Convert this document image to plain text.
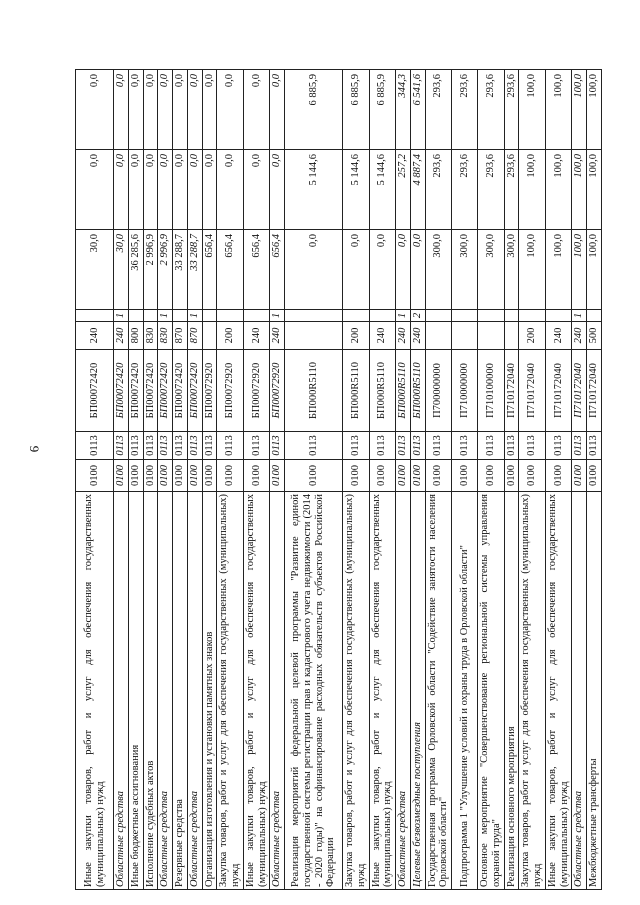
9
Иные закупки товаров, работ и услуг для обеспечения государственных (муниципальных) нужд	0100	0113	БП00072420	240		30,0	0,0	0,0
Областные средства	0100	0113	БП00072420	240	1	30,0	0,0	0,0
Иные бюджетные ассигнования	0100	0113	БП00072420	800		36 285,6	0,0	0,0
Исполнение судебных актов	0100	0113	БП00072420	830		2 996,9	0,0	0,0
Областные средства	0100	0113	БП00072420	830	1	2 996,9	0,0	0,0
Резервные средства	0100	0113	БП00072420	870		33 288,7	0,0	0,0
Областные средства	0100	0113	БП00072420	870	1	33 288,7	0,0	0,0
Организация изготовления и установки памятных знаков	0100	0113	БП00072920			656,4	0,0	0,0
Закупка товаров, работ и услуг для обеспечения государственных (муниципальных) нужд	0100	0113	БП00072920	200		656,4	0,0	0,0
Иные закупки товаров, работ и услуг для обеспечения государственных (муниципальных) нужд	0100	0113	БП00072920	240		656,4	0,0	0,0
Областные средства	0100	0113	БП00072920	240	1	656,4	0,0	0,0
Реализация мероприятий федеральной целевой программы "Развитие единой государственной системы регистрации прав и кадастрового учета недвижимости (2014 - 2020 годы)" на софинансирование расходных обязательств субъектов Российской Федерации	0100	0113	БП000R5110			0,0	5 144,6	6 885,9
Закупка товаров, работ и услуг для обеспечения государственных (муниципальных) нужд	0100	0113	БП000R5110	200		0,0	5 144,6	6 885,9
Иные закупки товаров, работ и услуг для обеспечения государственных (муниципальных) нужд	0100	0113	БП000R5110	240		0,0	5 144,6	6 885,9
Областные средства	0100	0113	БП000R5110	240	1	0,0	257,2	344,3
Целевые безвозмездные поступления	0100	0113	БП000R5110	240	2	0,0	4 887,4	6 541,6
Государственная программа Орловской области "Содействие занятости населения Орловской области"	0100	0113	П700000000			300,0	293,6	293,6
Подпрограмма 1 "Улучшение условий и охраны труда в Орловской области"	0100	0113	П710000000			300,0	293,6	293,6
Основное мероприятие "Совершенствование региональной системы управления охраной труда"	0100	0113	П710100000			300,0	293,6	293,6
Реализация основного мероприятия	0100	0113	П710172040			300,0	293,6	293,6
Закупка товаров, работ и услуг для обеспечения государственных (муниципальных) нужд	0100	0113	П710172040	200		100,0	100,0	100,0
Иные закупки товаров, работ и услуг для обеспечения государственных (муниципальных) нужд	0100	0113	П710172040	240		100,0	100,0	100,0
Областные средства	0100	0113	П710172040	240	1	100,0	100,0	100,0
Межбюджетные трансферты	0100	0113	П710172040	500		100,0	100,0	100,0
